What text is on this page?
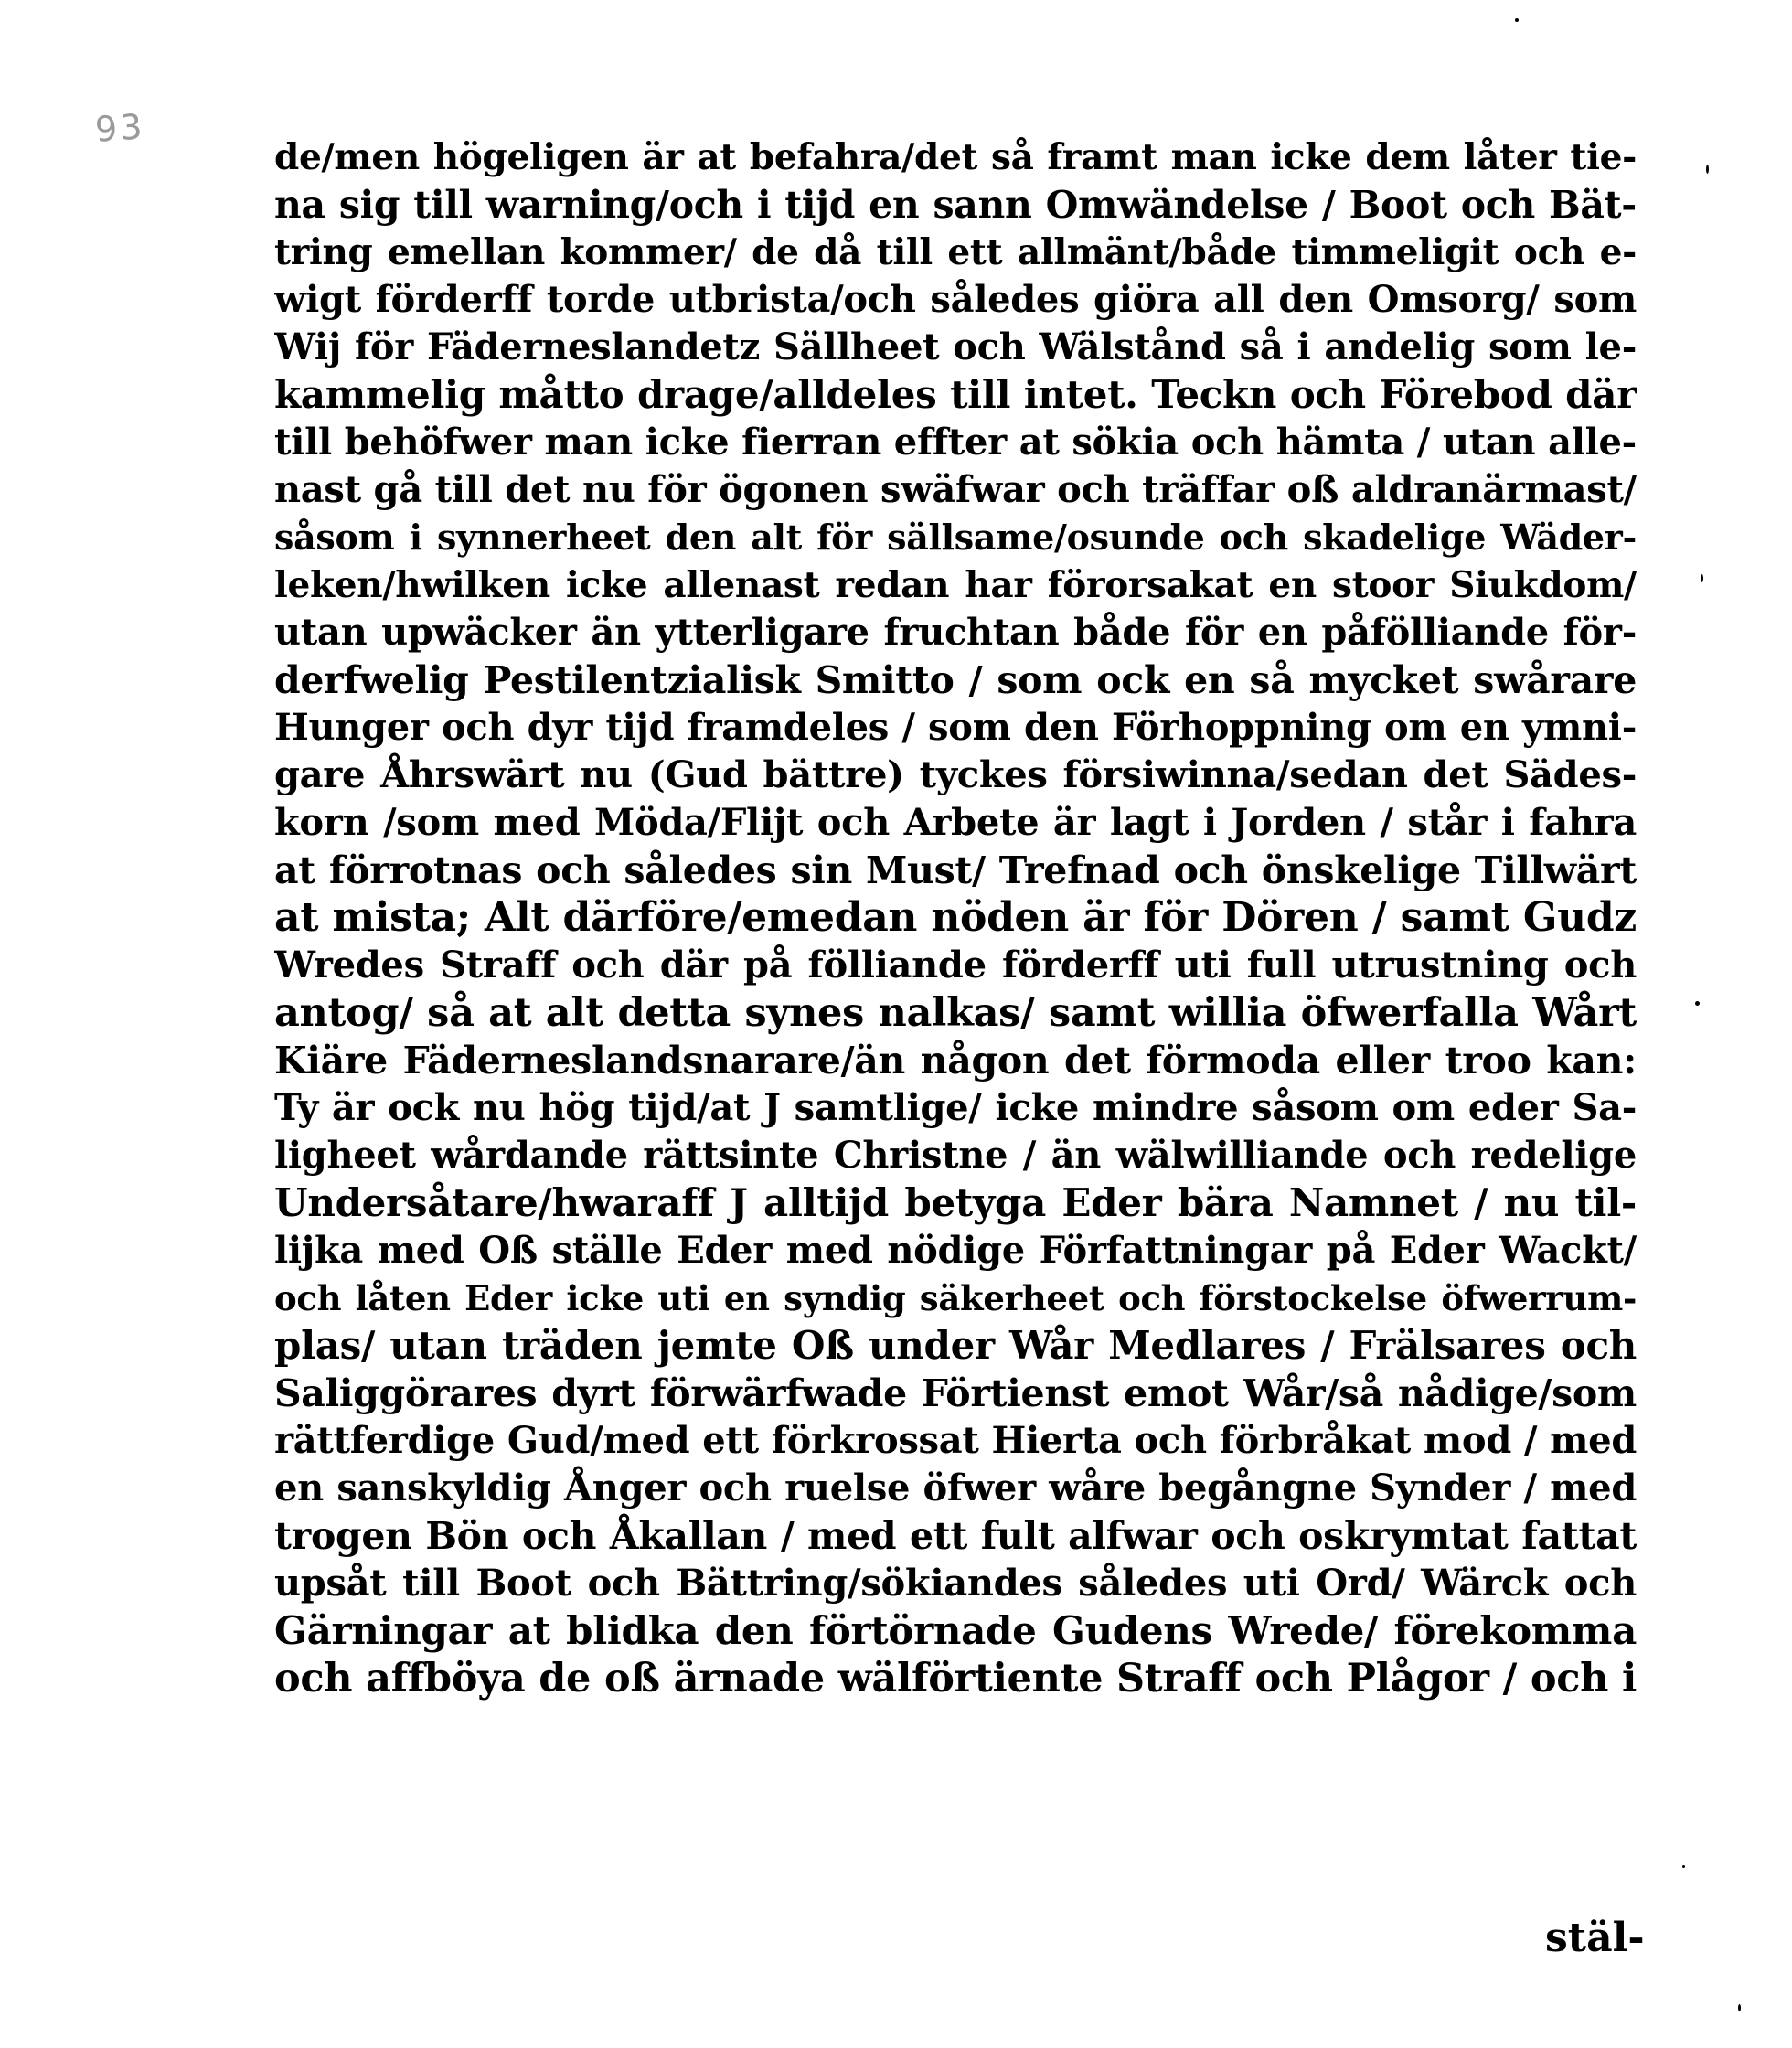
93
de/men högeligen är at befahra/det så framt man icke dem låter tie-
na sig till warning/och i tijd en sann Omwändelse / Boot och Bät-
tring emellan kommer/ de då till ett allmänt/både timmeligit och e-
wigt förderff torde utbrista/och således giöra all den Omsorg/ som
Wij för Fäderneslandetz Sällheet och Wälstånd så i andelig som le-
kammelig måtto drage/alldeles till intet. Teckn och Förebod där
till behöfwer man icke fierran effter at sökia och hämta / utan alle-
nast gå till det nu för ögonen swäfwar och träffar oß aldranärmast/
såsom i synnerheet den alt för sällsame/osunde och skadelige Wäder-
leken/hwilken icke allenast redan har förorsakat en stoor Siukdom/
utan upwäcker än ytterligare fruchtan både för en påfölliande för-
derfwelig Pestilentzialisk Smitto / som ock en så mycket swårare
Hunger och dyr tijd framdeles / som den Förhoppning om en ymni-
gare Åhrswärt nu (Gud bättre) tyckes försiwinna/sedan det Sädes-
korn /som med Möda/Flijt och Arbete är lagt i Jorden / står i fahra
at förrotnas och således sin Must/ Trefnad och önskelige Tillwärt
at mista; Alt därföre/emedan nöden är för Dören / samt Gudz
Wredes Straff och där på fölliande förderff uti full utrustning och
antog/ så at alt detta synes nalkas/ samt willia öfwerfalla Wårt
Kiäre Fäderneslandsnarare/än någon det förmoda eller troo kan:
Ty är ock nu hög tijd/at J samtlige/ icke mindre såsom om eder Sa-
ligheet wårdande rättsinte Christne / än wälwilliande och redelige
Undersåtare/hwaraff J alltijd betyga Eder bära Namnet / nu til-
lijka med Oß ställe Eder med nödige Författningar på Eder Wackt/
och låten Eder icke uti en syndig säkerheet och förstockelse öfwerrum-
plas/ utan träden jemte Oß under Wår Medlares / Frälsares och
Saliggörares dyrt förwärfwade Förtienst emot Wår/så nådige/som
rättferdige Gud/med ett förkrossat Hierta och förbråkat mod / med
en sanskyldig Ånger och ruelse öfwer wåre begångne Synder / med
trogen Bön och Åkallan / med ett fult alfwar och oskrymtat fattat
upsåt till Boot och Bättring/sökiandes således uti Ord/ Wärck och
Gärningar at blidka den förtörnade Gudens Wrede/ förekomma
och affböya de oß ärnade wälförtiente Straff och Plågor / och i
stäl-
